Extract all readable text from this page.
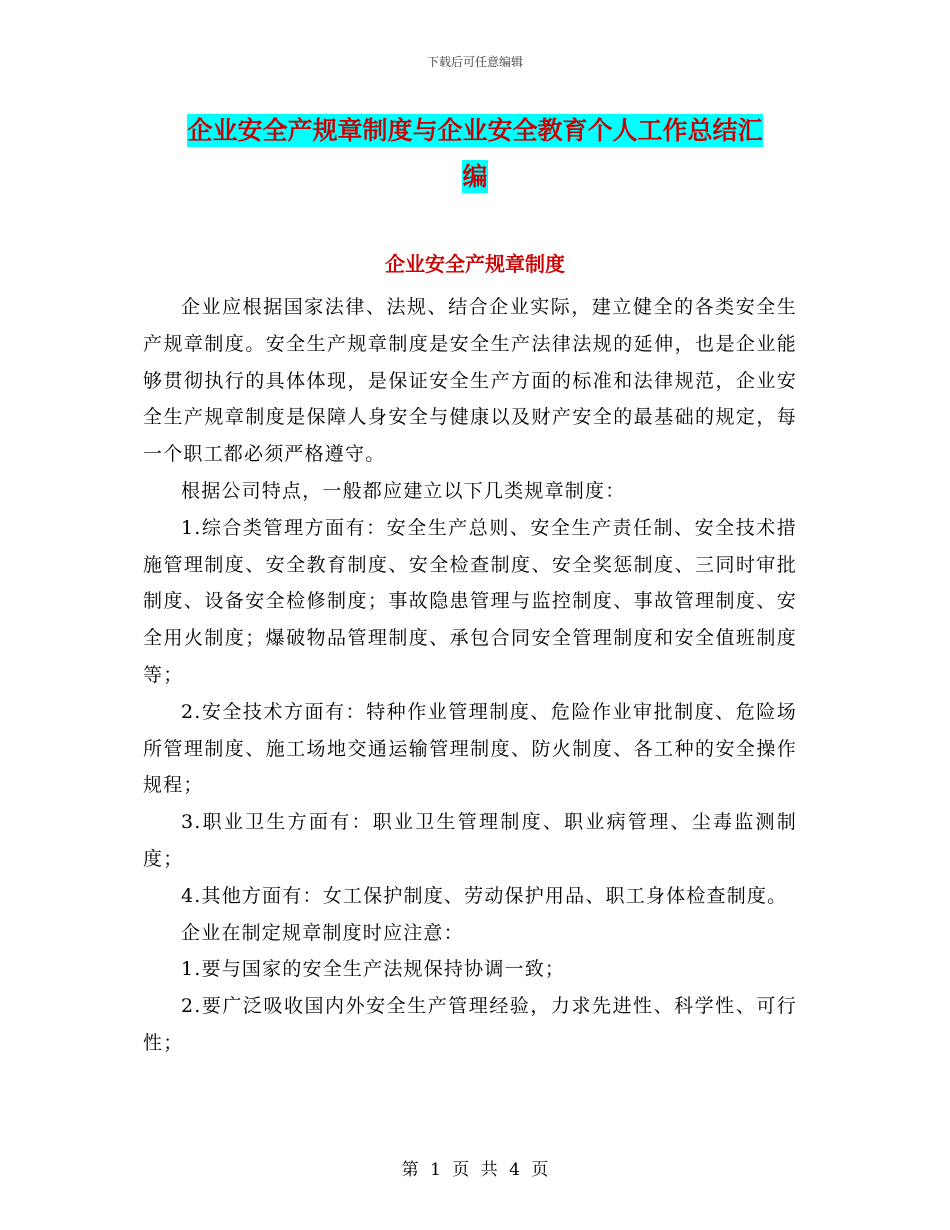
下载后可任意编辑
企业安全产规章制度与企业安全教育个人工作总结汇
编
企业安全产规章制度

企业应根据国家法律、法规、结合企业实际，建立健全的各类安全生产规章制度。安全生产规章制度是安全生产法律法规的延伸，也是企业能够贯彻执行的具体体现，是保证安全生产方面的标准和法律规范，企业安全生产规章制度是保障人身安全与健康以及财产安全的最基础的规定，每一个职工都必须严格遵守。

根据公司特点，一般都应建立以下几类规章制度：

1.综合类管理方面有：安全生产总则、安全生产责任制、安全技术措施管理制度、安全教育制度、安全检查制度、安全奖惩制度、三同时审批制度、设备安全检修制度；事故隐患管理与监控制度、事故管理制度、安全用火制度；爆破物品管理制度、承包合同安全管理制度和安全值班制度等；

2.安全技术方面有：特种作业管理制度、危险作业审批制度、危险场所管理制度、施工场地交通运输管理制度、防火制度、各工种的安全操作规程；

3.职业卫生方面有：职业卫生管理制度、职业病管理、尘毒监测制度；

4.其他方面有：女工保护制度、劳动保护用品、职工身体检查制度。

企业在制定规章制度时应注意：

1.要与国家的安全生产法规保持协调一致；

2.要广泛吸收国内外安全生产管理经验，力求先进性、科学性、可行性；

第 1 页 共 4 页
